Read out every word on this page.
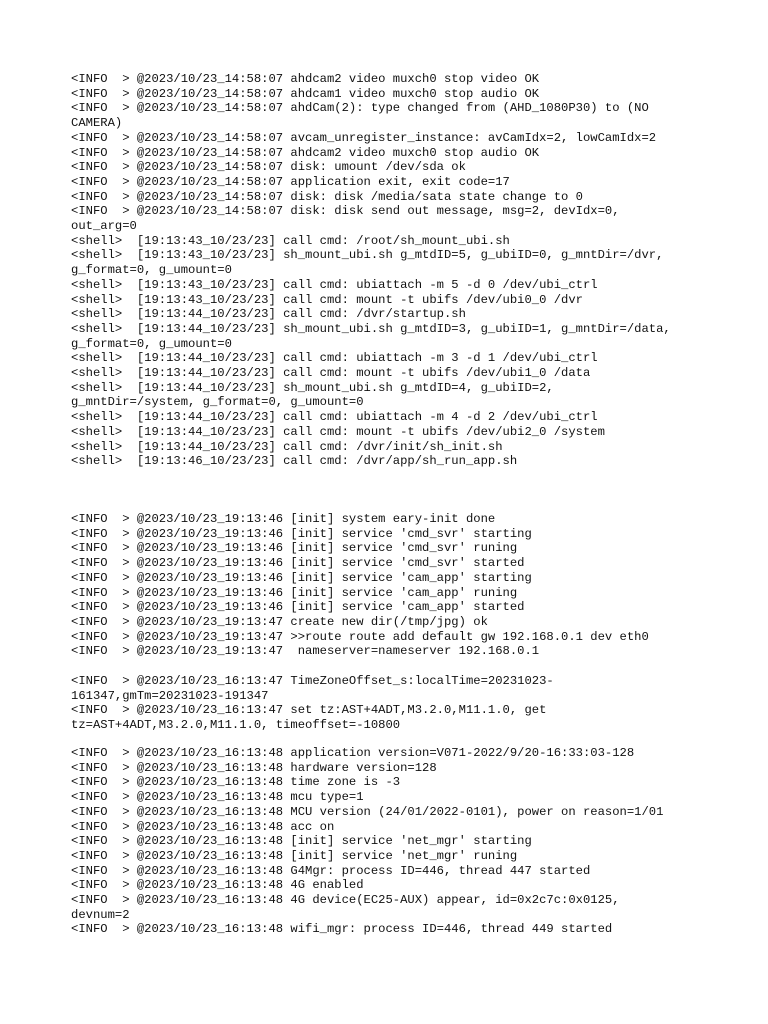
<INFO  > @2023/10/23_14:58:07 ahdcam2 video muxch0 stop video OK
<INFO  > @2023/10/23_14:58:07 ahdcam1 video muxch0 stop audio OK
<INFO  > @2023/10/23_14:58:07 ahdCam(2): type changed from (AHD_1080P30) to (NO
CAMERA)
<INFO  > @2023/10/23_14:58:07 avcam_unregister_instance: avCamIdx=2, lowCamIdx=2
<INFO  > @2023/10/23_14:58:07 ahdcam2 video muxch0 stop audio OK
<INFO  > @2023/10/23_14:58:07 disk: umount /dev/sda ok
<INFO  > @2023/10/23_14:58:07 application exit, exit code=17
<INFO  > @2023/10/23_14:58:07 disk: disk /media/sata state change to 0
<INFO  > @2023/10/23_14:58:07 disk: disk send out message, msg=2, devIdx=0,
out_arg=0
<shell>  [19:13:43_10/23/23] call cmd: /root/sh_mount_ubi.sh
<shell>  [19:13:43_10/23/23] sh_mount_ubi.sh g_mtdID=5, g_ubiID=0, g_mntDir=/dvr,
g_format=0, g_umount=0
<shell>  [19:13:43_10/23/23] call cmd: ubiattach -m 5 -d 0 /dev/ubi_ctrl
<shell>  [19:13:43_10/23/23] call cmd: mount -t ubifs /dev/ubi0_0 /dvr
<shell>  [19:13:44_10/23/23] call cmd: /dvr/startup.sh
<shell>  [19:13:44_10/23/23] sh_mount_ubi.sh g_mtdID=3, g_ubiID=1, g_mntDir=/data,
g_format=0, g_umount=0
<shell>  [19:13:44_10/23/23] call cmd: ubiattach -m 3 -d 1 /dev/ubi_ctrl
<shell>  [19:13:44_10/23/23] call cmd: mount -t ubifs /dev/ubi1_0 /data
<shell>  [19:13:44_10/23/23] sh_mount_ubi.sh g_mtdID=4, g_ubiID=2,
g_mntDir=/system, g_format=0, g_umount=0
<shell>  [19:13:44_10/23/23] call cmd: ubiattach -m 4 -d 2 /dev/ubi_ctrl
<shell>  [19:13:44_10/23/23] call cmd: mount -t ubifs /dev/ubi2_0 /system
<shell>  [19:13:44_10/23/23] call cmd: /dvr/init/sh_init.sh
<shell>  [19:13:46_10/23/23] call cmd: /dvr/app/sh_run_app.sh
<INFO  > @2023/10/23_19:13:46 [init] system eary-init done
<INFO  > @2023/10/23_19:13:46 [init] service 'cmd_svr' starting
<INFO  > @2023/10/23_19:13:46 [init] service 'cmd_svr' runing
<INFO  > @2023/10/23_19:13:46 [init] service 'cmd_svr' started
<INFO  > @2023/10/23_19:13:46 [init] service 'cam_app' starting
<INFO  > @2023/10/23_19:13:46 [init] service 'cam_app' runing
<INFO  > @2023/10/23_19:13:46 [init] service 'cam_app' started
<INFO  > @2023/10/23_19:13:47 create new dir(/tmp/jpg) ok
<INFO  > @2023/10/23_19:13:47 >>route route add default gw 192.168.0.1 dev eth0
<INFO  > @2023/10/23_19:13:47  nameserver=nameserver 192.168.0.1
<INFO  > @2023/10/23_16:13:47 TimeZoneOffset_s:localTime=20231023-
161347,gmTm=20231023-191347
<INFO  > @2023/10/23_16:13:47 set tz:AST+4ADT,M3.2.0,M11.1.0, get
tz=AST+4ADT,M3.2.0,M11.1.0, timeoffset=-10800
<INFO  > @2023/10/23_16:13:48 application version=V071-2022/9/20-16:33:03-128
<INFO  > @2023/10/23_16:13:48 hardware version=128
<INFO  > @2023/10/23_16:13:48 time zone is -3
<INFO  > @2023/10/23_16:13:48 mcu type=1
<INFO  > @2023/10/23_16:13:48 MCU version (24/01/2022-0101), power on reason=1/01
<INFO  > @2023/10/23_16:13:48 acc on
<INFO  > @2023/10/23_16:13:48 [init] service 'net_mgr' starting
<INFO  > @2023/10/23_16:13:48 [init] service 'net_mgr' runing
<INFO  > @2023/10/23_16:13:48 G4Mgr: process ID=446, thread 447 started
<INFO  > @2023/10/23_16:13:48 4G enabled
<INFO  > @2023/10/23_16:13:48 4G device(EC25-AUX) appear, id=0x2c7c:0x0125,
devnum=2
<INFO  > @2023/10/23_16:13:48 wifi_mgr: process ID=446, thread 449 started
